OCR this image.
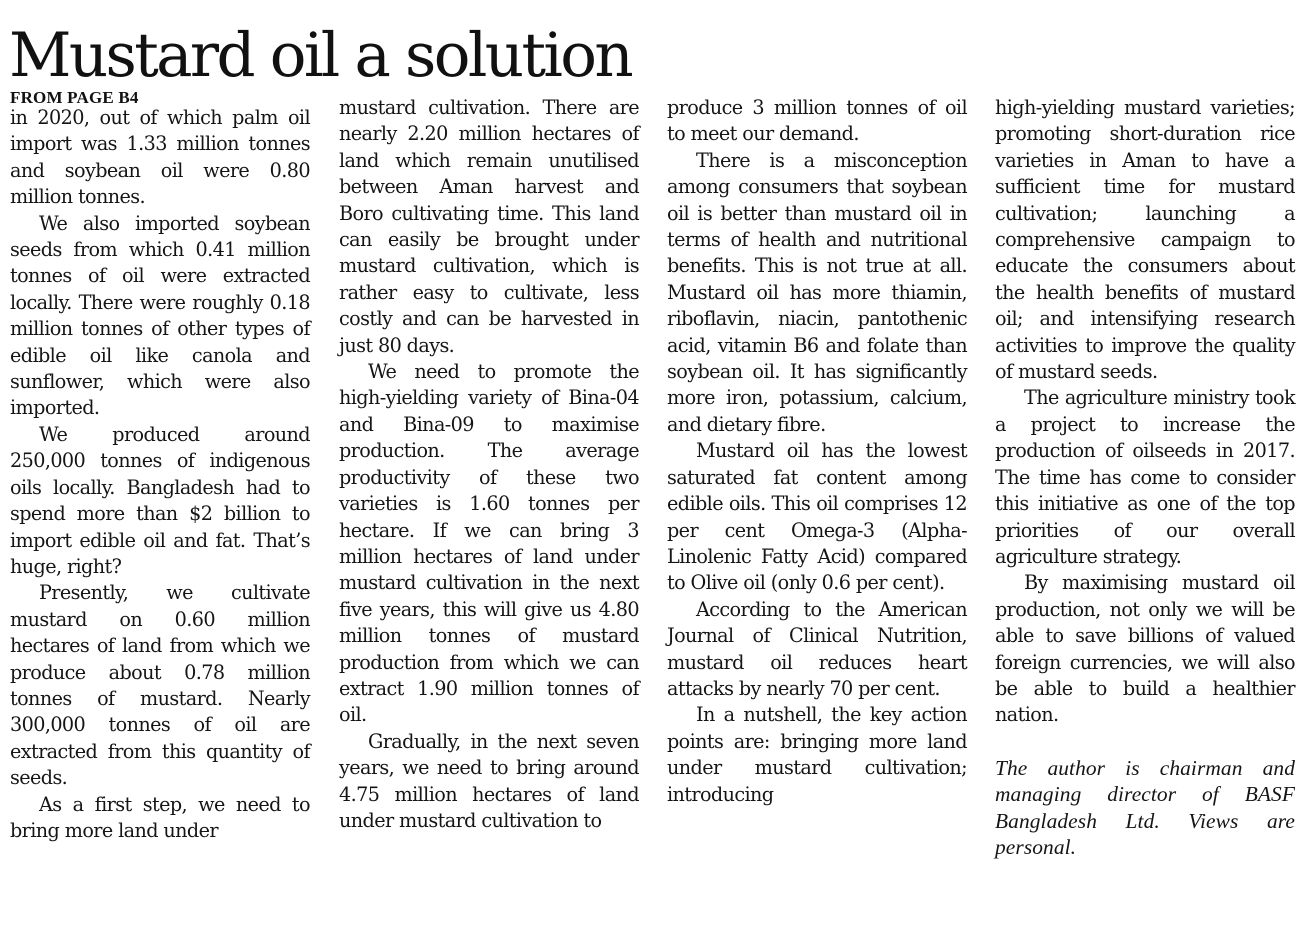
Mustard oil a solution
FROM PAGE B4

in 2020, out of which palm oil import was 1.33 million tonnes and soybean oil were 0.80 million tonnes.

We also imported soybean seeds from which 0.41 million tonnes of oil were extracted locally. There were roughly 0.18 million tonnes of other types of edible oil like canola and sunflower, which were also imported.

We produced around 250,000 tonnes of indigenous oils locally. Bangladesh had to spend more than $2 billion to import edible oil and fat. That’s huge, right?

Presently, we cultivate mustard on 0.60 million hectares of land from which we produce about 0.78 million tonnes of mustard. Nearly 300,000 tonnes of oil are extracted from this quantity of seeds.

As a first step, we need to bring more land under

mustard cultivation. There are nearly 2.20 million hectares of land which remain unutilised between Aman harvest and Boro cultivating time. This land can easily be brought under mustard cultivation, which is rather easy to cultivate, less costly and can be harvested in just 80 days.

We need to promote the high-yielding variety of Bina-04 and Bina-09 to maximise production. The average productivity of these two varieties is 1.60 tonnes per hectare. If we can bring 3 million hectares of land under mustard cultivation in the next five years, this will give us 4.80 million tonnes of mustard production from which we can extract 1.90 million tonnes of oil.

Gradually, in the next seven years, we need to bring around 4.75 million hectares of land under mustard cultivation to

produce 3 million tonnes of oil to meet our demand.

There is a misconception among consumers that soybean oil is better than mustard oil in terms of health and nutritional benefits. This is not true at all. Mustard oil has more thiamin, riboflavin, niacin, pantothenic acid, vitamin B6 and folate than soybean oil. It has significantly more iron, potassium, calcium, and dietary fibre.

Mustard oil has the lowest saturated fat content among edible oils. This oil comprises 12 per cent Omega-3 (Alpha-Linolenic Fatty Acid) compared to Olive oil (only 0.6 per cent).

According to the American Journal of Clinical Nutrition, mustard oil reduces heart attacks by nearly 70 per cent.

In a nutshell, the key action points are: bringing more land under mustard cultivation; introducing

high-yielding mustard varieties; promoting short-duration rice varieties in Aman to have a sufficient time for mustard cultivation; launching a comprehensive campaign to educate the consumers about the health benefits of mustard oil; and intensifying research activities to improve the quality of mustard seeds.

The agriculture ministry took a project to increase the production of oilseeds in 2017. The time has come to consider this initiative as one of the top priorities of our overall agriculture strategy.

By maximising mustard oil production, not only we will be able to save billions of valued foreign currencies, we will also be able to build a healthier nation.

The author is chairman and managing director of BASF Bangladesh Ltd. Views are personal.
